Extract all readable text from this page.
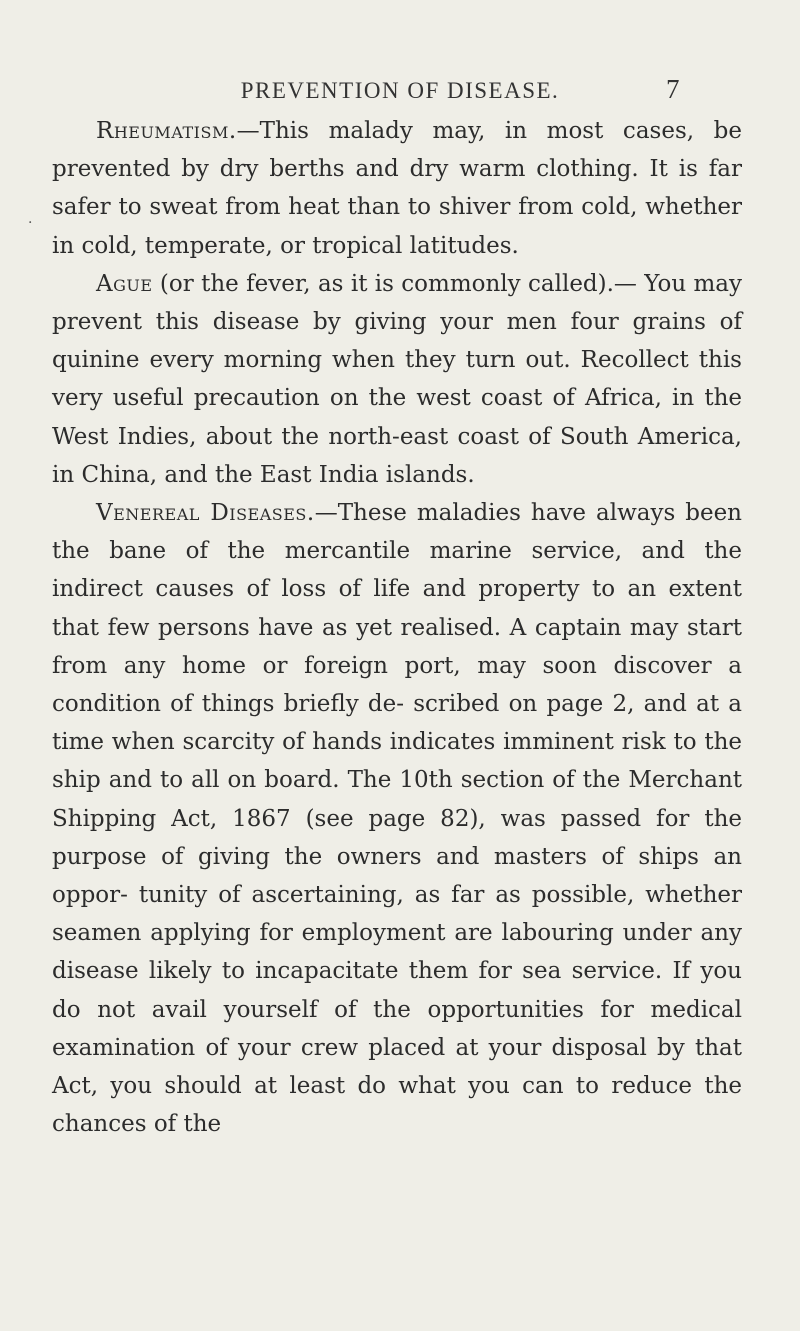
PREVENTION OF DISEASE.	7
·

Rheumatism.—This malady may, in most cases, be prevented by dry berths and dry warm clothing. It is far safer to sweat from heat than to shiver from cold, whether in cold, temperate, or tropical latitudes.

Ague (or the fever, as it is commonly called).— You may prevent this disease by giving your men four grains of quinine every morning when they turn out. Recollect this very useful precaution on the west coast of Africa, in the West Indies, about the north-east coast of South America, in China, and the East India islands.

Venereal Diseases.—These maladies have always been the bane of the mercantile marine service, and the indirect causes of loss of life and property to an extent that few persons have as yet realised. A captain may start from any home or foreign port, may soon discover a condition of things briefly de- scribed on page 2, and at a time when scarcity of hands indicates imminent risk to the ship and to all on board. The 10th section of the Merchant Shipping Act, 1867 (see page 82), was passed for the purpose of giving the owners and masters of ships an oppor- tunity of ascertaining, as far as possible, whether seamen applying for employment are labouring under any disease likely to incapacitate them for sea service. If you do not avail yourself of the opportunities for medical examination of your crew placed at your disposal by that Act, you should at least do what you can to reduce the chances of the
